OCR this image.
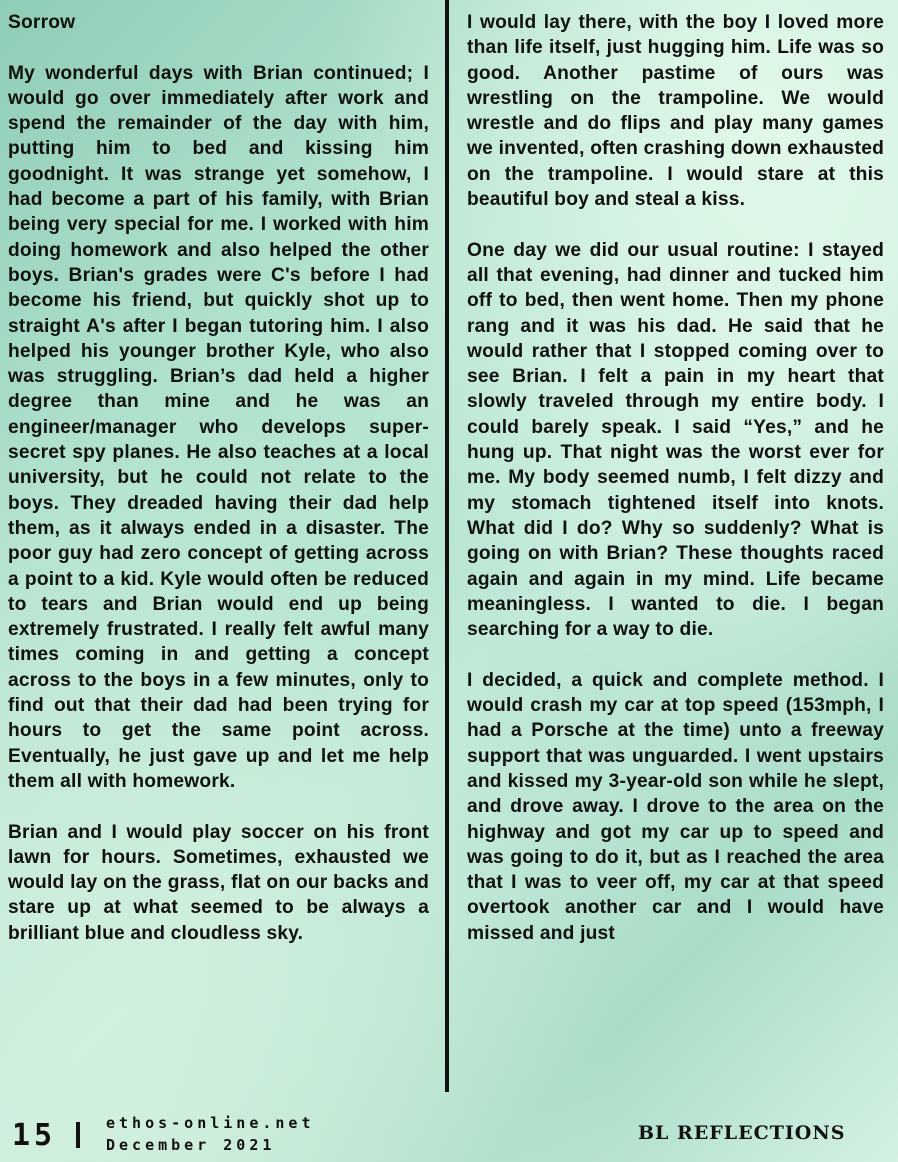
Sorrow

My wonderful days with Brian continued; I would go over immediately after work and spend the remainder of the day with him, putting him to bed and kissing him goodnight. It was strange yet somehow, I had become a part of his family, with Brian being very special for me. I worked with him doing homework and also helped the other boys. Brian's grades were C's before I had become his friend, but quickly shot up to straight A's after I began tutoring him. I also helped his younger brother Kyle, who also was struggling. Brian’s dad held a higher degree than mine and he was an engineer/manager who develops super-secret spy planes. He also teaches at a local university, but he could not relate to the boys. They dreaded having their dad help them, as it always ended in a disaster. The poor guy had zero concept of getting across a point to a kid. Kyle would often be reduced to tears and Brian would end up being extremely frustrated. I really felt awful many times coming in and getting a concept across to the boys in a few minutes, only to find out that their dad had been trying for hours to get the same point across. Eventually, he just gave up and let me help them all with homework.

Brian and I would play soccer on his front lawn for hours. Sometimes, exhausted we would lay on the grass, flat on our backs and stare up at what seemed to be always a brilliant blue and cloudless sky.

I would lay there, with the boy I loved more than life itself, just hugging him. Life was so good. Another pastime of ours was wrestling on the trampoline. We would wrestle and do flips and play many games we invented, often crashing down exhausted on the trampoline. I would stare at this beautiful boy and steal a kiss.

One day we did our usual routine: I stayed all that evening, had dinner and tucked him off to bed, then went home. Then my phone rang and it was his dad. He said that he would rather that I stopped coming over to see Brian. I felt a pain in my heart that slowly traveled through my entire body. I could barely speak. I said “Yes,” and he hung up. That night was the worst ever for me. My body seemed numb, I felt dizzy and my stomach tightened itself into knots. What did I do? Why so suddenly? What is going on with Brian? These thoughts raced again and again in my mind. Life became meaningless. I wanted to die. I began searching for a way to die.

I decided, a quick and complete method. I would crash my car at top speed (153mph, I had a Porsche at the time) unto a freeway support that was unguarded. I went upstairs and kissed my 3-year-old son while he slept, and drove away. I drove to the area on the highway and got my car up to speed and was going to do it, but as I reached the area that I was to veer off, my car at that speed overtook another car and I would have missed and just

15	ethos-online.net
December 2021
BL REFLECTIONS
